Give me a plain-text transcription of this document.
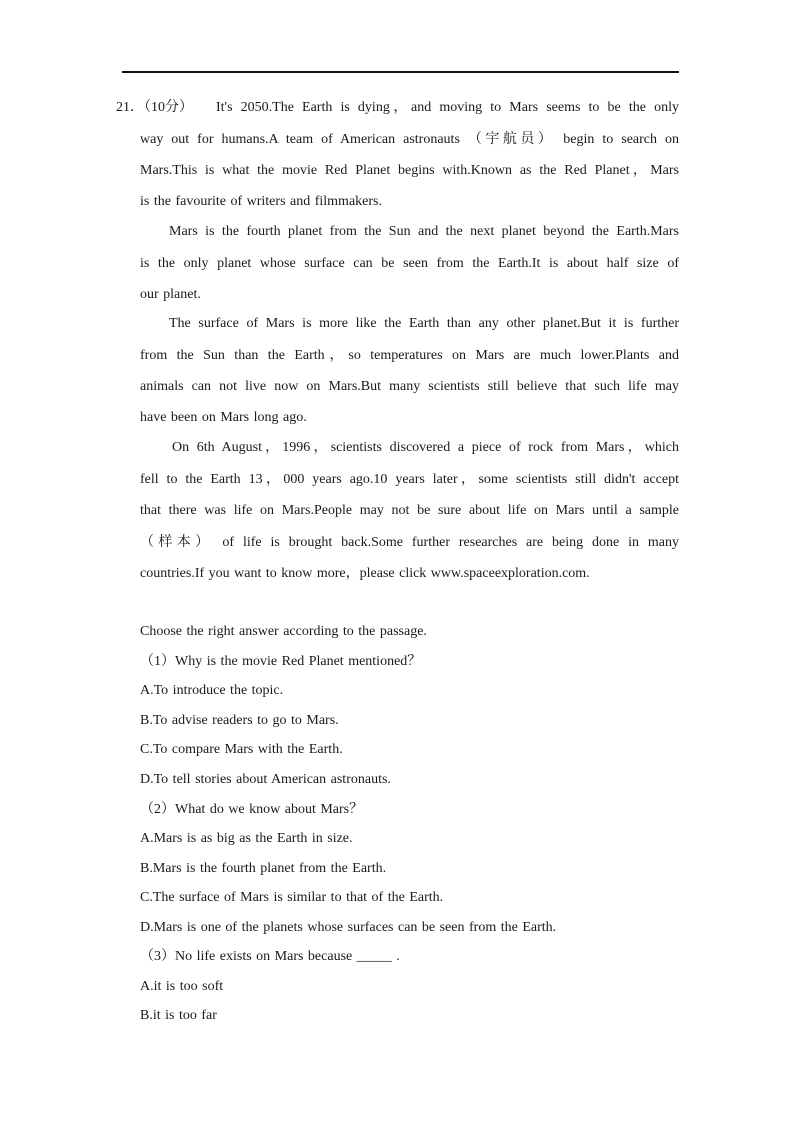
21．（10分） It's 2050.The Earth is dying，and moving to Mars seems to be the only
way out for humans.A team of American astronauts （宇航员） begin to search on
Mars.This is what the movie Red Planet begins with.Known as the Red Planet，Mars
is the favourite of writers and filmmakers.
Mars is the fourth planet from the Sun and the next planet beyond the Earth.Mars
is the only planet whose surface can be seen from the Earth.It is about half size of
our planet.
The surface of Mars is more like the Earth than any other planet.But it is further
from the Sun than the Earth，so temperatures on Mars are much lower.Plants and
animals can not live now on Mars.But many scientists still believe that such life may
have been on Mars long ago.
On 6th August，1996，scientists discovered a piece of rock from Mars，which
fell to the Earth 13，000 years ago.10 years later，some scientists still didn't accept
that there was life on Mars.People may not be sure about life on Mars until a sample
（样本） of life is brought back.Some further researches are being done in many
countries.If you want to know more，please click www.spaceexploration.com.
Choose the right answer according to the passage.
（1）Why is the movie Red Planet mentioned？
A.To introduce the topic.
B.To advise readers to go to Mars.
C.To compare Mars with the Earth.
D.To tell stories about American astronauts.
（2）What do we know about Mars？
A.Mars is as big as the Earth in size.
B.Mars is the fourth planet from the Earth.
C.The surface of Mars is similar to that of the Earth.
D.Mars is one of the planets whose surfaces can be seen from the Earth.
（3）No life exists on Mars because _____ .
A.it is too soft
B.it is too far
